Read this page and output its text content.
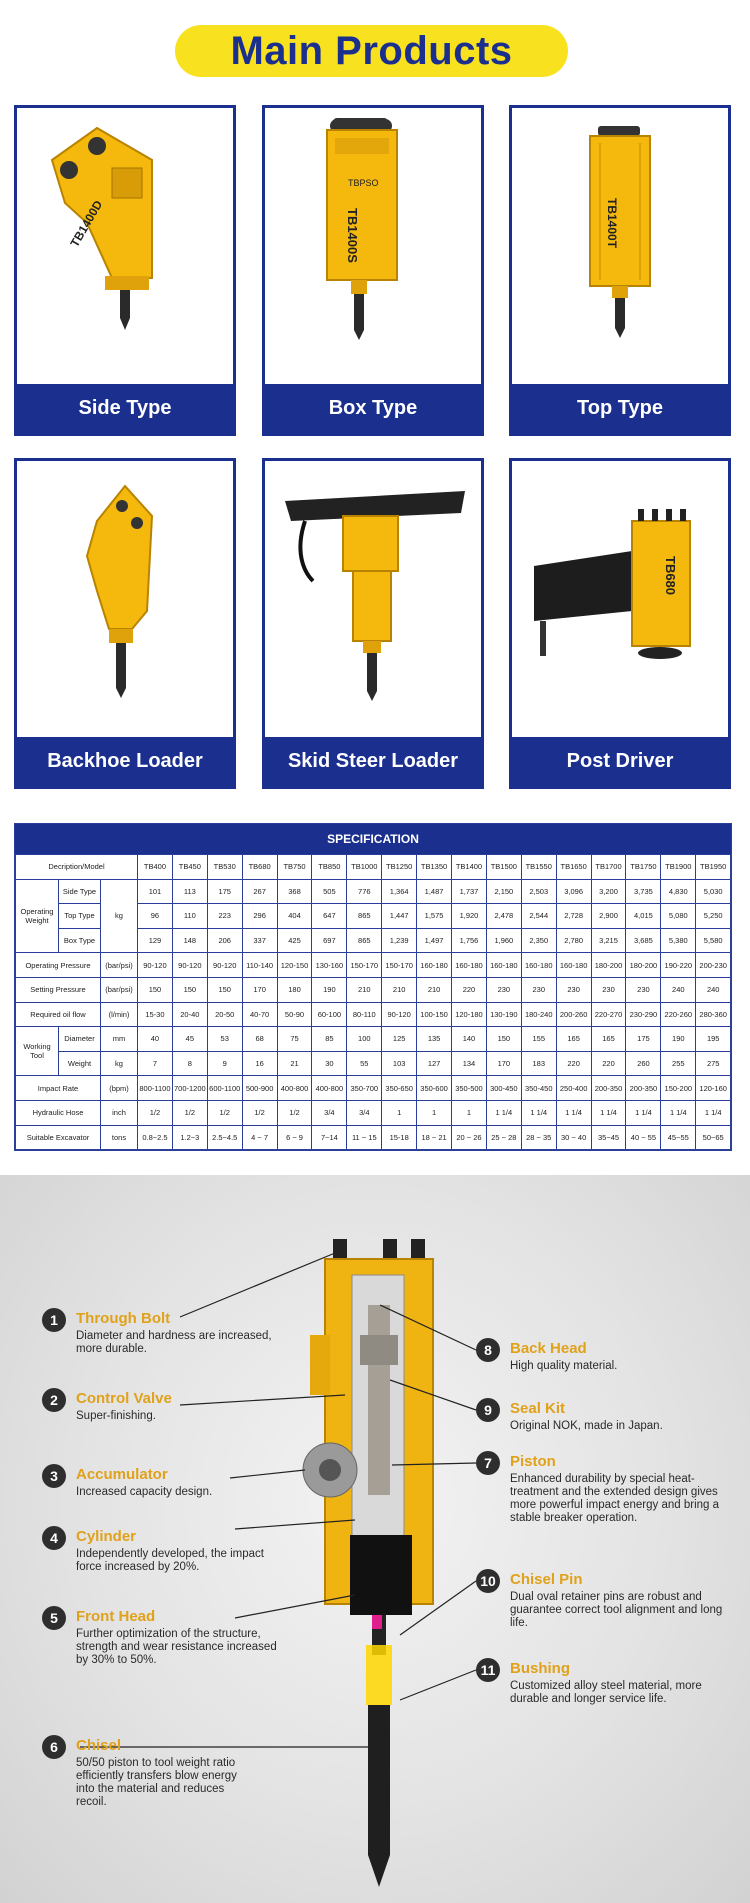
Main Products
TB1400D
Side Type
TBPSO
TB1400S
Box Type
TB1400T
Top Type
Backhoe Loader	Skid Steer Loader
TB680
Post Driver
SPECIFICATION
Decription/Model			TB400	TB450	TB530	TB680	TB750	TB850	TB1000	TB1250	TB1350	TB1400	TB1500	TB1550	TB1650	TB1700	TB1750	TB1900	TB1950
Operating Weight	Side Type	kg	101	113	175	267	368	505	776	1,364	1,487	1,737	2,150	2,503	3,096	3,200	3,735	4,830	5,030
	Top Type		96	110	223	296	404	647	865	1,447	1,575	1,920	2,478	2,544	2,728	2,900	4,015	5,080	5,250
	Box Type		129	148	206	337	425	697	865	1,239	1,497	1,756	1,960	2,350	2,780	3,215	3,685	5,380	5,580
Operating Pressure		(bar/psi)	90-120	90-120	90-120	110-140	120-150	130-160	150-170	150-170	160-180	160-180	160-180	160-180	160-180	180-200	180-200	190-220	200-230
Setting Pressure		(bar/psi)	150	150	150	170	180	190	210	210	210	220	230	230	230	230	230	240	240
Required oil flow		(l/min)	15-30	20-40	20-50	40-70	50-90	60-100	80-110	90-120	100-150	120-180	130-190	180-240	200-260	220-270	230-290	220-260	280-360
Working Tool	Diameter	mm	40	45	53	68	75	85	100	125	135	140	150	155	165	165	175	190	195
	Weight	kg	7	8	9	16	21	30	55	103	127	134	170	183	220	220	260	255	275
Impact Rate		(bpm)	800-1100	700-1200	600-1100	500-900	400-800	400-800	350-700	350-650	350-600	350-500	300-450	350-450	250-400	200-350	200-350	150-200	120-160
Hydraulic Hose		inch	1/2	1/2	1/2	1/2	1/2	3/4	3/4	1	1	1	1 1/4	1 1/4	1 1/4	1 1/4	1 1/4	1 1/4	1 1/4
Suitable Excavator		tons	0.8~2.5	1.2~3	2.5~4.5	4 ~ 7	6 ~ 9	7~14	11 ~ 15	15-18	18 ~ 21	20 ~ 26	25 ~ 28	28 ~ 35	30 ~ 40	35~45	40 ~ 55	45~55	50~65
1	Through Bolt
Diameter and hardness are increased, more durable.
2	Control Valve
Super-finishing.
3	Accumulator
Increased capacity design.
4	Cylinder
Independently developed, the impact force increased by 20%.
5	Front Head
Further optimization of the structure, strength and wear resistance increased by 30% to 50%.
6	Chisel
50/50 piston to tool weight ratio efficiently transfers blow energy into the material and reduces recoil.
8	Back Head
High quality material.
9	Seal Kit
Original NOK, made in Japan.
7	Piston
Enhanced durability by special heat-treatment and the extended design gives more powerful impact energy and bring a stable breaker operation.
10 Chisel Pin
Dual oval retainer pins are robust and guarantee correct tool alignment and long life.
11 Bushing
Customized alloy steel material, more durable and longer service life.
